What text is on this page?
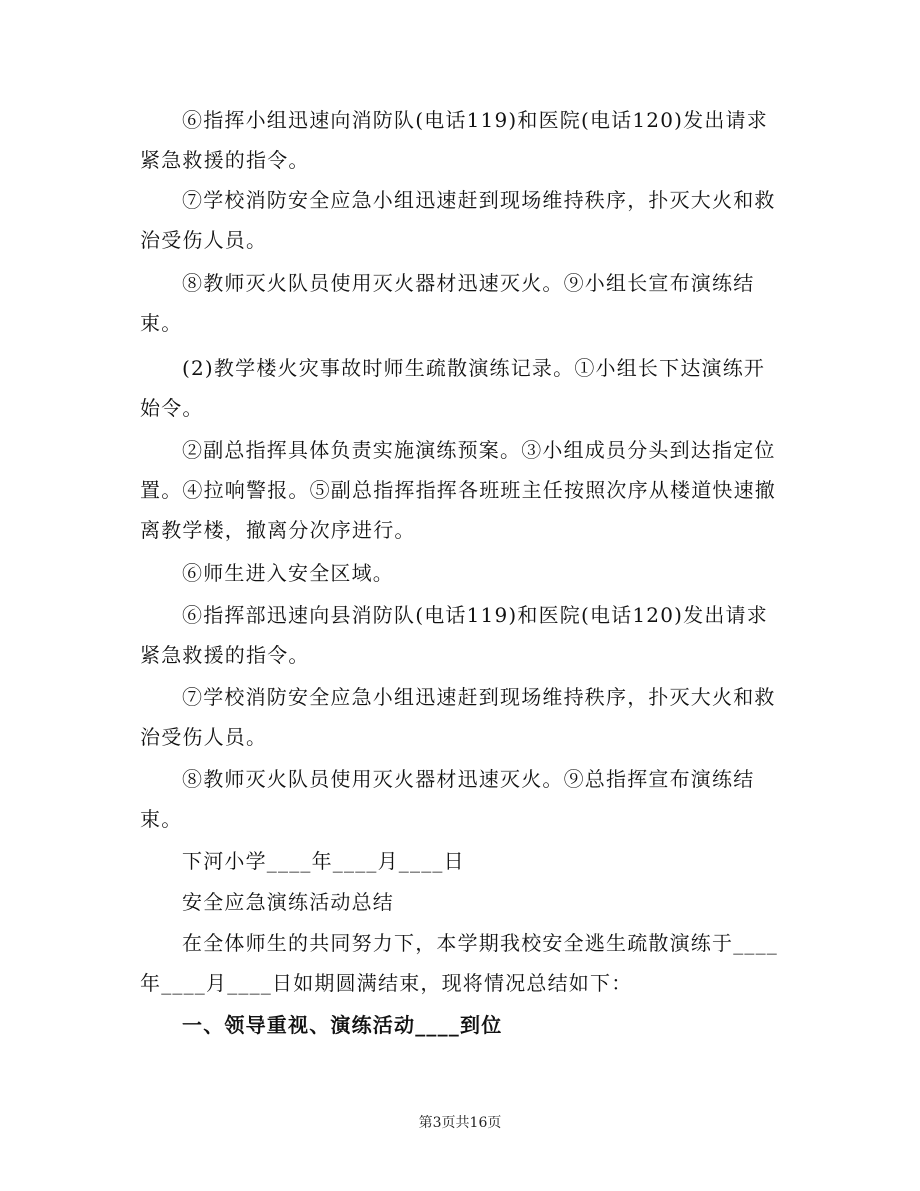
⑥指挥小组迅速向消防队(电话119)和医院(电话120)发出请求紧急救援的指令。

⑦学校消防安全应急小组迅速赶到现场维持秩序，扑灭大火和救治受伤人员。

⑧教师灭火队员使用灭火器材迅速灭火。⑨小组长宣布演练结束。

(2)教学楼火灾事故时师生疏散演练记录。①小组长下达演练开始令。

②副总指挥具体负责实施演练预案。③小组成员分头到达指定位置。④拉响警报。⑤副总指挥指挥各班班主任按照次序从楼道快速撤离教学楼，撤离分次序进行。

⑥师生进入安全区域。

⑥指挥部迅速向县消防队(电话119)和医院(电话120)发出请求紧急救援的指令。

⑦学校消防安全应急小组迅速赶到现场维持秩序，扑灭大火和救治受伤人员。

⑧教师灭火队员使用灭火器材迅速灭火。⑨总指挥宣布演练结束。

下河小学____年____月____日

安全应急演练活动总结

在全体师生的共同努力下，本学期我校安全逃生疏散演练于____年____月____日如期圆满结束，现将情况总结如下：

一、领导重视、演练活动____到位

第3页共16页
